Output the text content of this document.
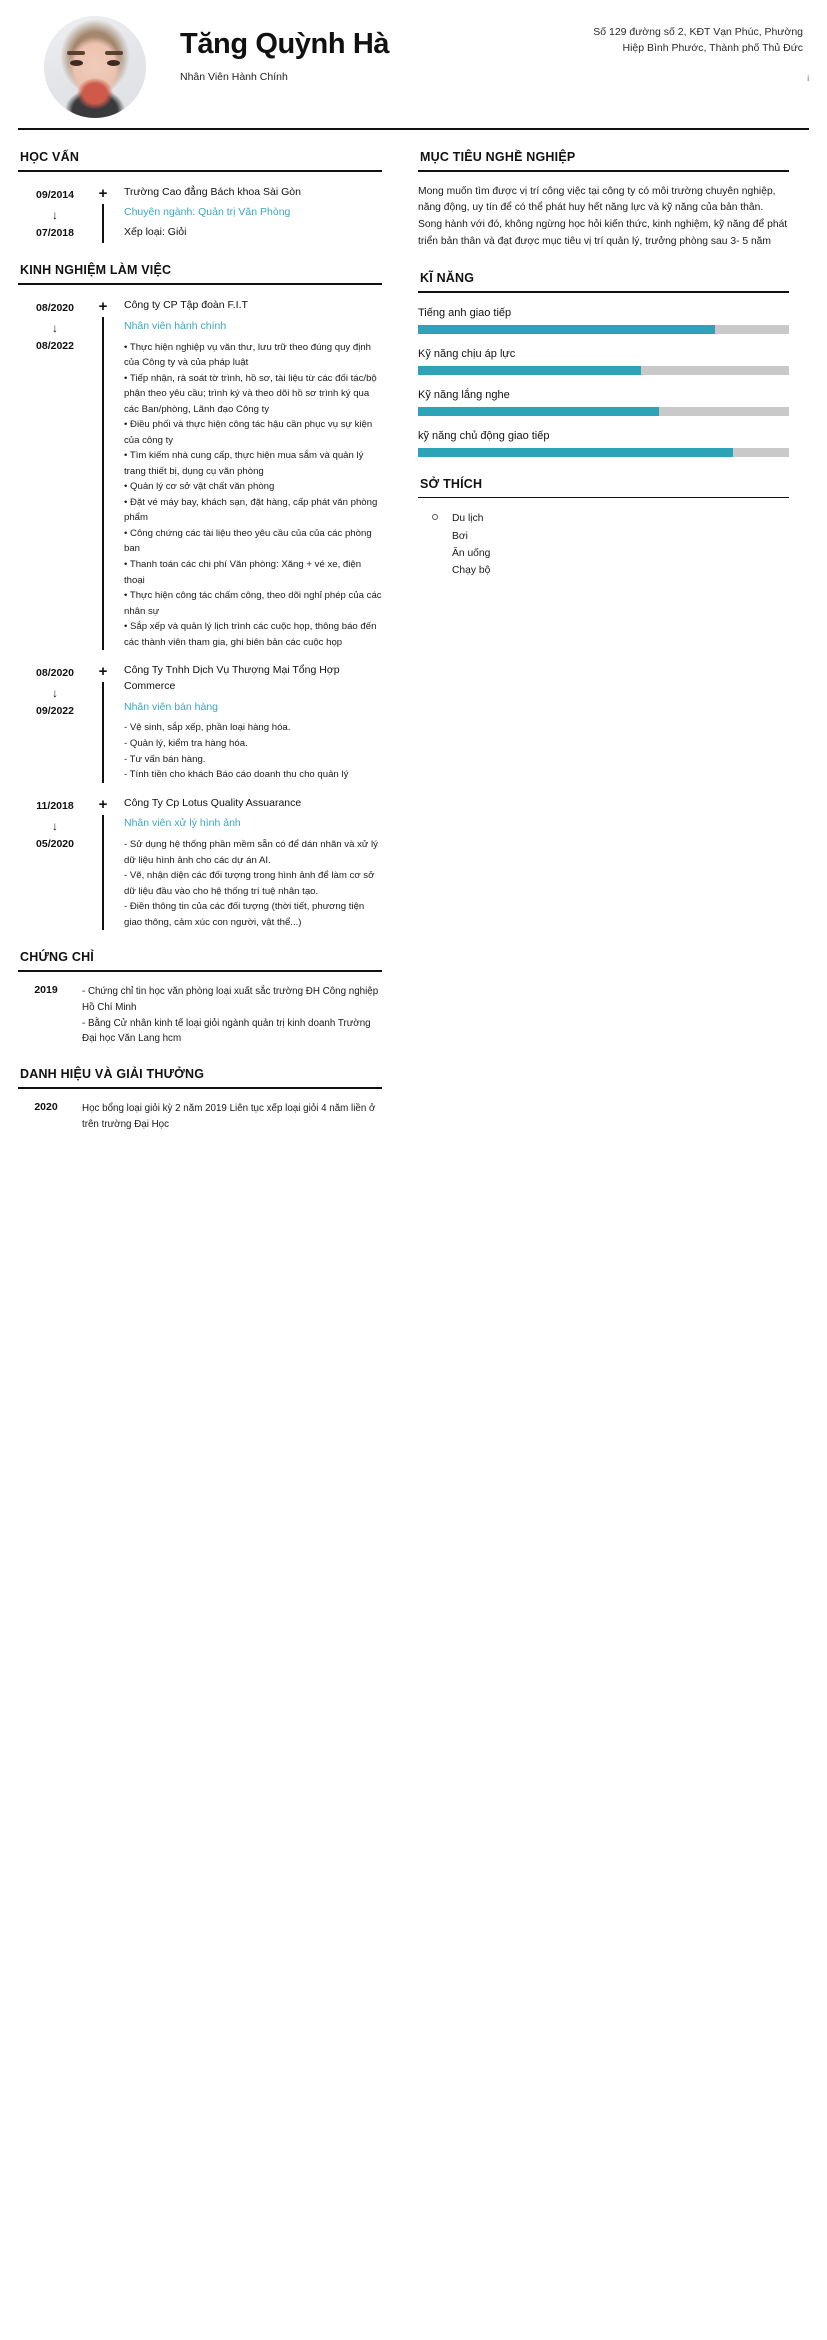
Tăng Quỳnh Hà
Nhân Viên Hành Chính
Số 129 đường số 2, KĐT Vạn Phúc, Phường Hiệp Bình Phước, Thành phố Thủ Đức
i
HỌC VẤN
09/2014
↓
07/2018
+ Trường Cao đẳng Bách khoa Sài Gòn
Chuyên ngành: Quản trị Văn Phòng
Xếp loại: Giỏi
KINH NGHIỆM LÀM VIỆC
08/2020
↓
08/2022
+ Công ty CP Tập đoàn F.I.T
Nhân viên hành chính
• Thực hiện nghiệp vụ văn thư, lưu trữ theo đúng quy định của Công ty và của pháp luật
• Tiếp nhận, rà soát tờ trình, hồ sơ, tài liệu từ các đối tác/bộ phận theo yêu cầu; trình ký và theo dõi hồ sơ trình ký qua các Ban/phòng, Lãnh đạo Công ty
• Điều phối và thực hiện công tác hậu cần phục vụ sự kiện của công ty
• Tìm kiếm nhà cung cấp, thực hiện mua sắm và quản lý trang thiết bị, dụng cụ văn phòng
• Quản lý cơ sở vật chất văn phòng
• Đặt vé máy bay, khách sạn, đặt hàng, cấp phát văn phòng phẩm
• Công chứng các tài liệu theo yêu cầu của của các phòng ban
• Thanh toán các chi phí Văn phòng: Xăng + vé xe, điện thoại
• Thực hiện công tác chấm công, theo dõi nghỉ phép của các nhân sự
• Sắp xếp và quản lý lịch trình các cuộc họp, thông báo đến các thành viên tham gia, ghi biên bản các cuộc họp
08/2020
↓
09/2022
+ Công Ty Tnhh Dịch Vụ Thượng Mại Tổng Hợp Commerce
Nhân viên bán hàng
- Vệ sinh, sắp xếp, phần loại hàng hóa.
- Quản lý, kiểm tra hàng hóa.
- Tư vấn bán hàng.
- Tính tiền cho khách Báo cáo doanh thu cho quản lý
11/2018
↓
05/2020
+ Công Ty Cp Lotus Quality Assuarance
Nhân viên xử lý hình ảnh
- Sử dụng hệ thống phần mềm sẵn có để dán nhãn và xử lý dữ liệu hình ảnh cho các dự án AI.
- Vẽ, nhận diện các đối tượng trong hình ảnh để làm cơ sở dữ liệu đầu vào cho hệ thống trí tuệ nhân tạo.
- Điền thông tin của các đối tượng (thời tiết, phương tiện giao thông, cảm xúc con người, vật thể...)
CHỨNG CHỈ
2019	- Chứng chỉ tin học văn phòng loại xuất sắc trường ĐH Công nghiệp Hồ Chí Minh
- Bằng Cử nhân kinh tế loại giỏi ngành quản trị kinh doanh Trường Đại học Văn Lang hcm
DANH HIỆU VÀ GIẢI THƯỞNG
2020	Học bổng loại giỏi kỳ 2 năm 2019 Liên tục xếp loại giỏi 4 năm liền ở trên trường Đại Học
MỤC TIÊU NGHỀ NGHIỆP
Mong muốn tìm được vị trí công việc tại công ty có môi trường chuyên nghiệp, năng động, uy tín để có thể phát huy hết năng lực và kỹ năng của bản thân.
Song hành với đó, không ngừng học hỏi kiến thức, kinh nghiệm, kỹ năng để phát triển bản thân và đạt được mục tiêu vị trí quản lý, trưởng phòng sau 3- 5 năm
KĨ NĂNG
Tiếng anh giao tiếp
Kỹ năng chịu áp lực
Kỹ năng lắng nghe
kỹ năng chủ động giao tiếp
SỞ THÍCH
Du lịch
Bơi
Ăn uống
Chạy bộ
